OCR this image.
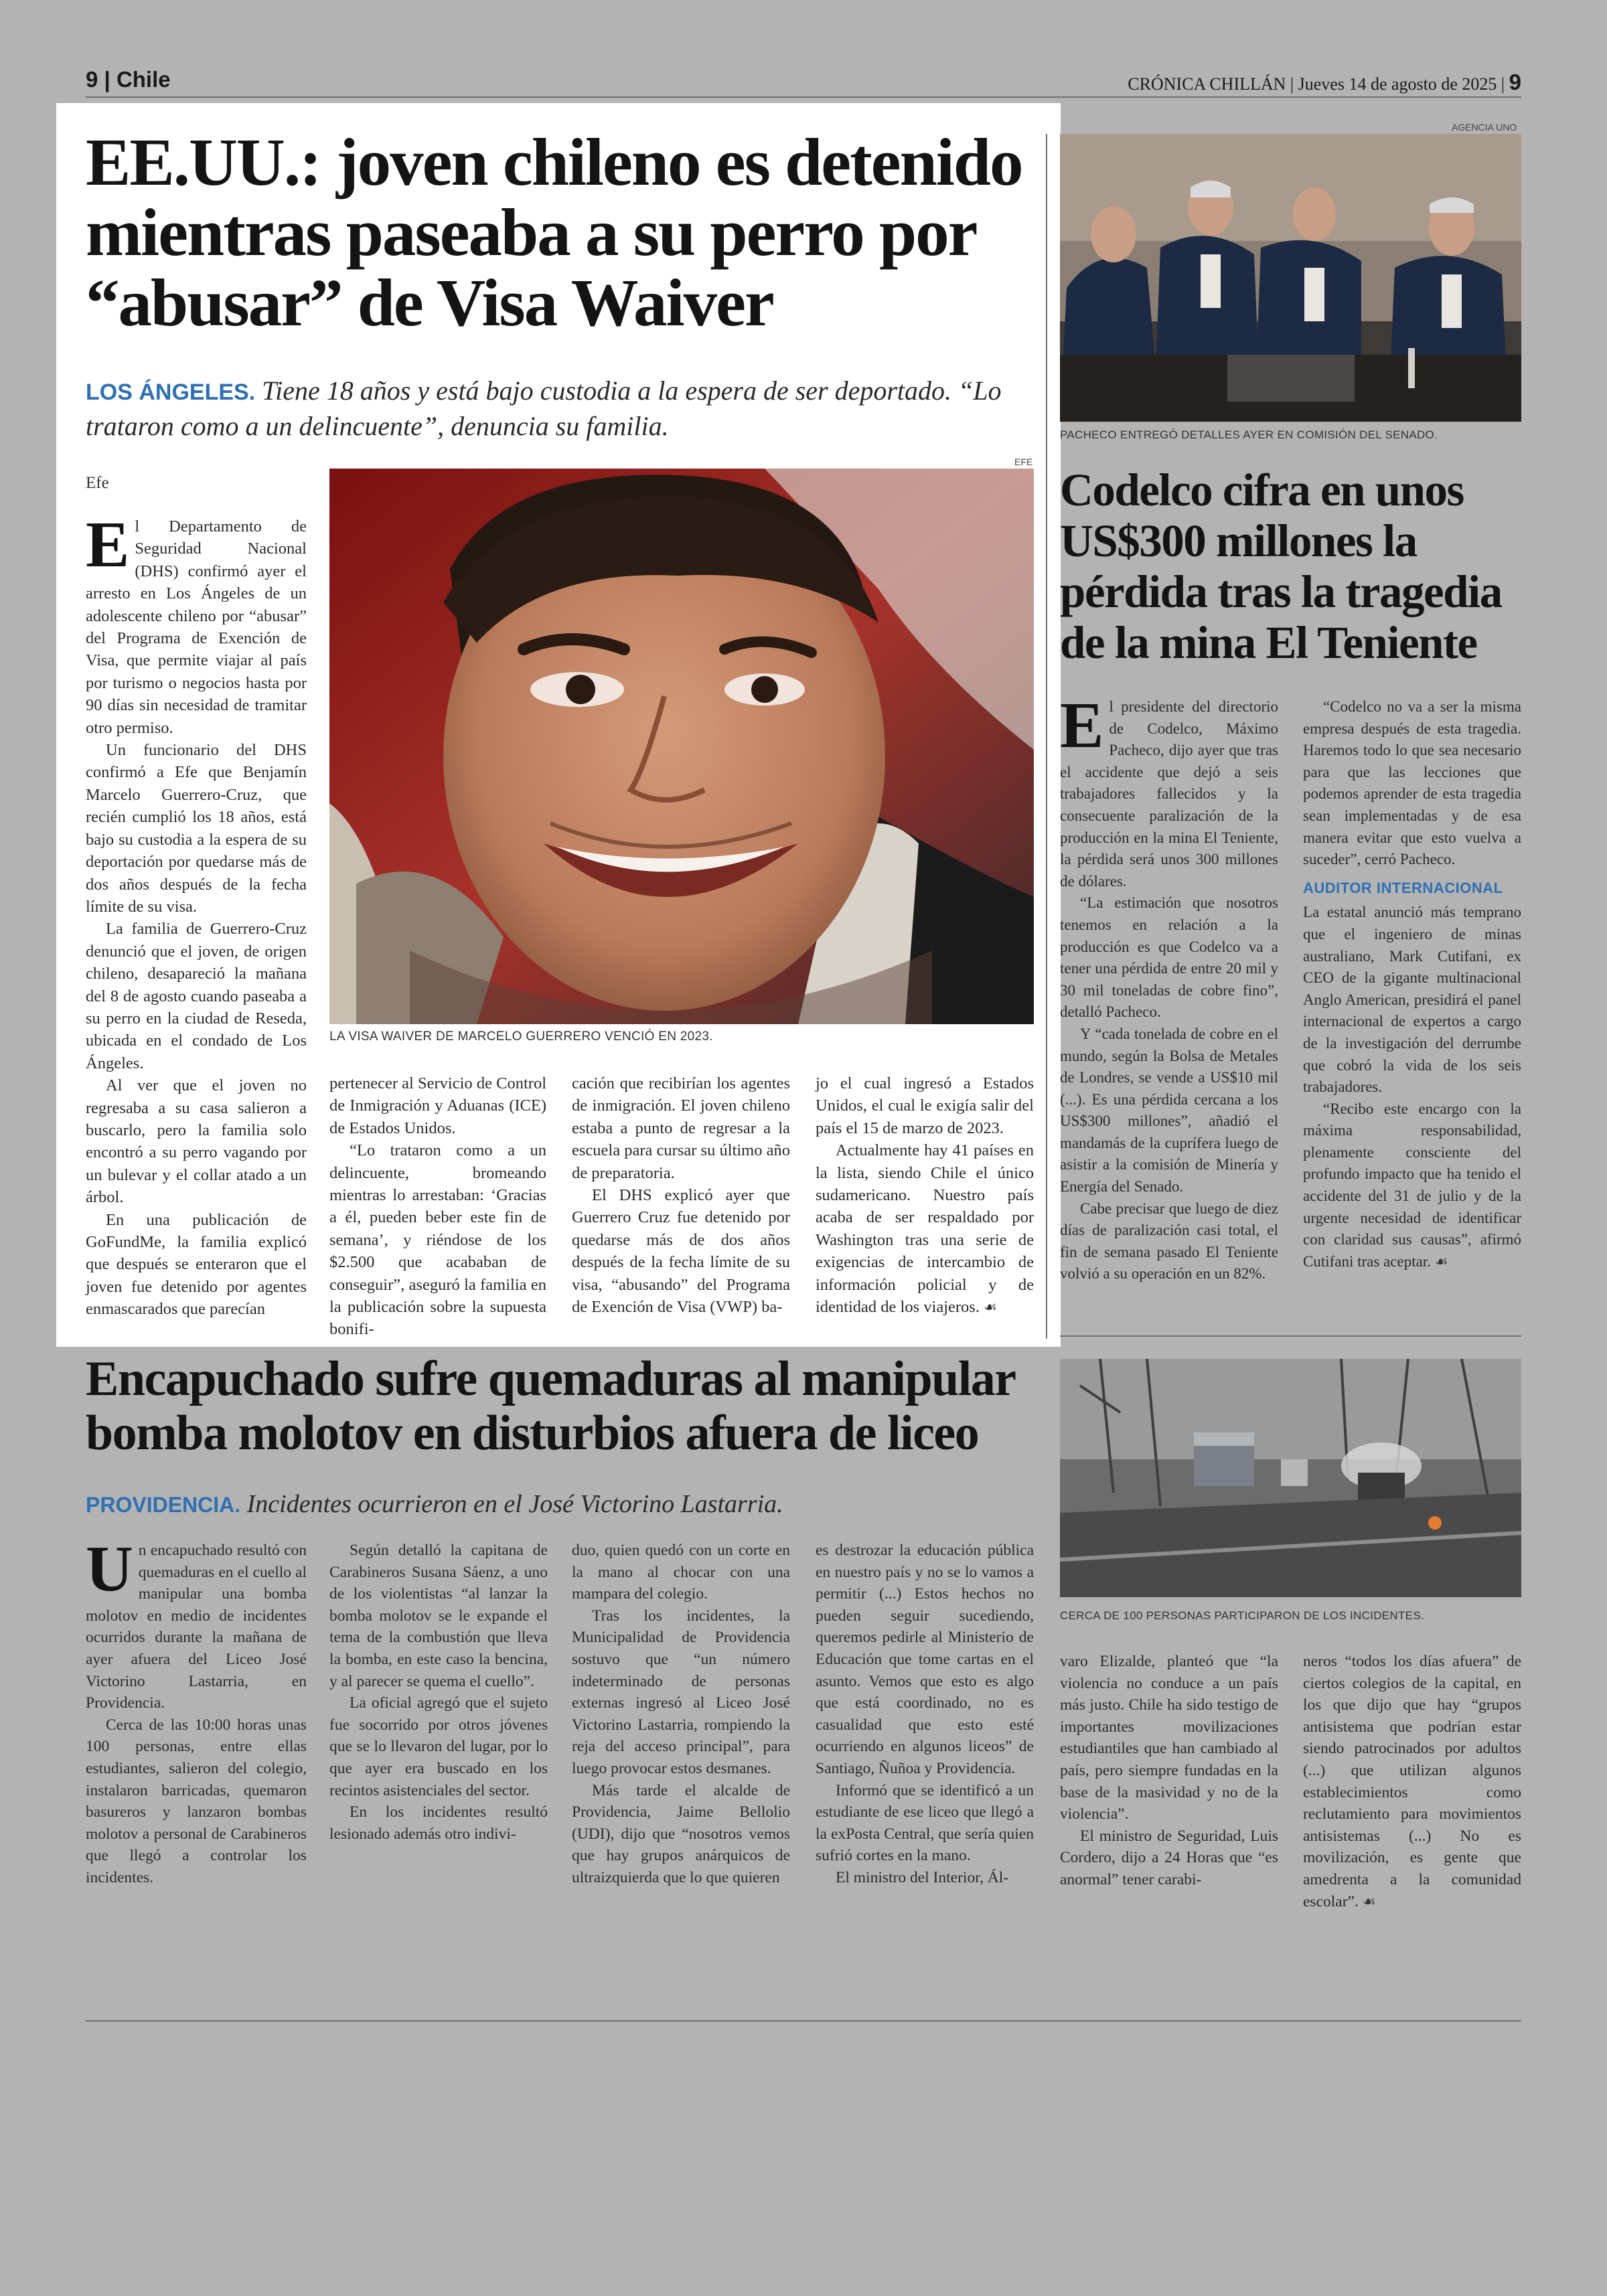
9 | Chile	CRÓNICA CHILLÁN | Jueves 14 de agosto de 2025 | 9
EE.UU.: joven chileno es detenido
mientras paseaba a su perro por
“abusar” de Visa Waiver
LOS ÁNGELES. Tiene 18 años y está bajo custodia a la espera de ser deportado. “Lo trataron como a un delincuente”, denuncia su familia.
Efe
EFE
LA VISA WAIVER DE MARCELO GUERRERO VENCIÓ EN 2023.

El Departamento de Seguridad Nacional (DHS) confirmó ayer el arresto en Los Ángeles de un adolescente chileno por “abusar” del Programa de Exención de Visa, que permite viajar al país por turismo o negocios hasta por 90 días sin necesidad de tramitar otro permiso.

Un funcionario del DHS confirmó a Efe que Benjamín Marcelo Guerrero-Cruz, que recién cumplió los 18 años, está bajo su custodia a la espera de su deportación por quedarse más de dos años después de la fecha límite de su visa.

La familia de Guerrero-Cruz denunció que el joven, de origen chileno, desapareció la mañana del 8 de agosto cuando paseaba a su perro en la ciudad de Reseda, ubicada en el condado de Los Ángeles.

Al ver que el joven no regresaba a su casa salieron a buscarlo, pero la familia solo encontró a su perro vagando por un bulevar y el collar atado a un árbol.

En una publicación de GoFundMe, la familia explicó que después se enteraron que el joven fue detenido por agentes enmascarados que parecían

pertenecer al Servicio de Control de Inmigración y Aduanas (ICE) de Estados Unidos.

“Lo trataron como a un delincuente, bromeando mientras lo arrestaban: ‘Gracias a él, pueden beber este fin de semana’, y riéndose de los $2.500 que acababan de conseguir”, aseguró la familia en la publicación sobre la supuesta bonifi-

cación que recibirían los agentes de inmigración. El joven chileno estaba a punto de regresar a la escuela para cursar su último año de preparatoria.

El DHS explicó ayer que Guerrero Cruz fue detenido por quedarse más de dos años después de la fecha límite de su visa, “abusando” del Programa de Exención de Visa (VWP) ba-

jo el cual ingresó a Estados Unidos, el cual le exigía salir del país el 15 de marzo de 2023.

Actualmente hay 41 países en la lista, siendo Chile el único sudamericano. Nuestro país acaba de ser respaldado por Washington tras una serie de exigencias de intercambio de información policial y de identidad de los viajeros. ☙

AGENCIA UNO
PACHECO ENTREGÓ DETALLES AYER EN COMISIÓN DEL SENADO.
Codelco cifra en unos
US$300 millones la
pérdida tras la tragedia
de la mina El Teniente

El presidente del directorio de Codelco, Máximo Pacheco, dijo ayer que tras el accidente que dejó a seis trabajadores fallecidos y la consecuente paralización de la producción en la mina El Teniente, la pérdida será unos 300 millones de dólares.

“La estimación que nosotros tenemos en relación a la producción es que Codelco va a tener una pérdida de entre 20 mil y 30 mil toneladas de cobre fino”, detalló Pacheco.

Y “cada tonelada de cobre en el mundo, según la Bolsa de Metales de Londres, se vende a US$10 mil (...). Es una pérdida cercana a los US$300 millones”, añadió el mandamás de la cuprífera luego de asistir a la comisión de Minería y Energía del Senado.

Cabe precisar que luego de diez días de paralización casi total, el fin de semana pasado El Teniente volvió a su operación en un 82%.

“Codelco no va a ser la misma empresa después de esta tragedia. Haremos todo lo que sea necesario para que las lecciones que podemos aprender de esta tragedia sean implementadas y de esa manera evitar que esto vuelva a suceder”, cerró Pacheco.

AUDITOR INTERNACIONAL

La estatal anunció más temprano que el ingeniero de minas australiano, Mark Cutifani, ex CEO de la gigante multinacional Anglo American, presidirá el panel internacional de expertos a cargo de la investigación del derrumbe que cobró la vida de los seis trabajadores.

“Recibo este encargo con la máxima responsabilidad, plenamente consciente del profundo impacto que ha tenido el accidente del 31 de julio y de la urgente necesidad de identificar con claridad sus causas”, afirmó Cutifani tras aceptar. ☙

Encapuchado sufre quemaduras al manipular
bomba molotov en disturbios afuera de liceo
PROVIDENCIA. Incidentes ocurrieron en el José Victorino Lastarria.
CERCA DE 100 PERSONAS PARTICIPARON DE LOS INCIDENTES.

Un encapuchado resultó con quemaduras en el cuello al manipular una bomba molotov en medio de incidentes ocurridos durante la mañana de ayer afuera del Liceo José Victorino Lastarria, en Providencia.

Cerca de las 10:00 horas unas 100 personas, entre ellas estudiantes, salieron del colegio, instalaron barricadas, quemaron basureros y lanzaron bombas molotov a personal de Carabineros que llegó a controlar los incidentes.

Según detalló la capitana de Carabineros Susana Sáenz, a uno de los violentistas “al lanzar la bomba molotov se le expande el tema de la combustión que lleva la bomba, en este caso la bencina, y al parecer se quema el cuello”.

La oficial agregó que el sujeto fue socorrido por otros jóvenes que se lo llevaron del lugar, por lo que ayer era buscado en los recintos asistenciales del sector.

En los incidentes resultó lesionado además otro indivi-

duo, quien quedó con un corte en la mano al chocar con una mampara del colegio.

Tras los incidentes, la Municipalidad de Providencia sostuvo que “un número indeterminado de personas externas ingresó al Liceo José Victorino Lastarria, rompiendo la reja del acceso principal”, para luego provocar estos desmanes.

Más tarde el alcalde de Providencia, Jaime Bellolio (UDI), dijo que “nosotros vemos que hay grupos anárquicos de ultraizquierda que lo que quieren

es destrozar la educación pública en nuestro país y no se lo vamos a permitir (...) Estos hechos no pueden seguir sucediendo, queremos pedirle al Ministerio de Educación que tome cartas en el asunto. Vemos que esto es algo que está coordinado, no es casualidad que esto esté ocurriendo en algunos liceos” de Santiago, Ñuñoa y Providencia.

Informó que se identificó a un estudiante de ese liceo que llegó a la exPosta Central, que sería quien sufrió cortes en la mano.

El ministro del Interior, Ál-

varo Elizalde, planteó que “la violencia no conduce a un país más justo. Chile ha sido testigo de importantes movilizaciones estudiantiles que han cambiado al país, pero siempre fundadas en la base de la masividad y no de la violencia”.

El ministro de Seguridad, Luis Cordero, dijo a 24 Horas que “es anormal” tener carabi-

neros “todos los días afuera” de ciertos colegios de la capital, en los que dijo que hay “grupos antisistema que podrían estar siendo patrocinados por adultos (...) que utilizan algunos establecimientos como reclutamiento para movimientos antisistemas (...) No es movilización, es gente que amedrenta a la comunidad escolar”. ☙
